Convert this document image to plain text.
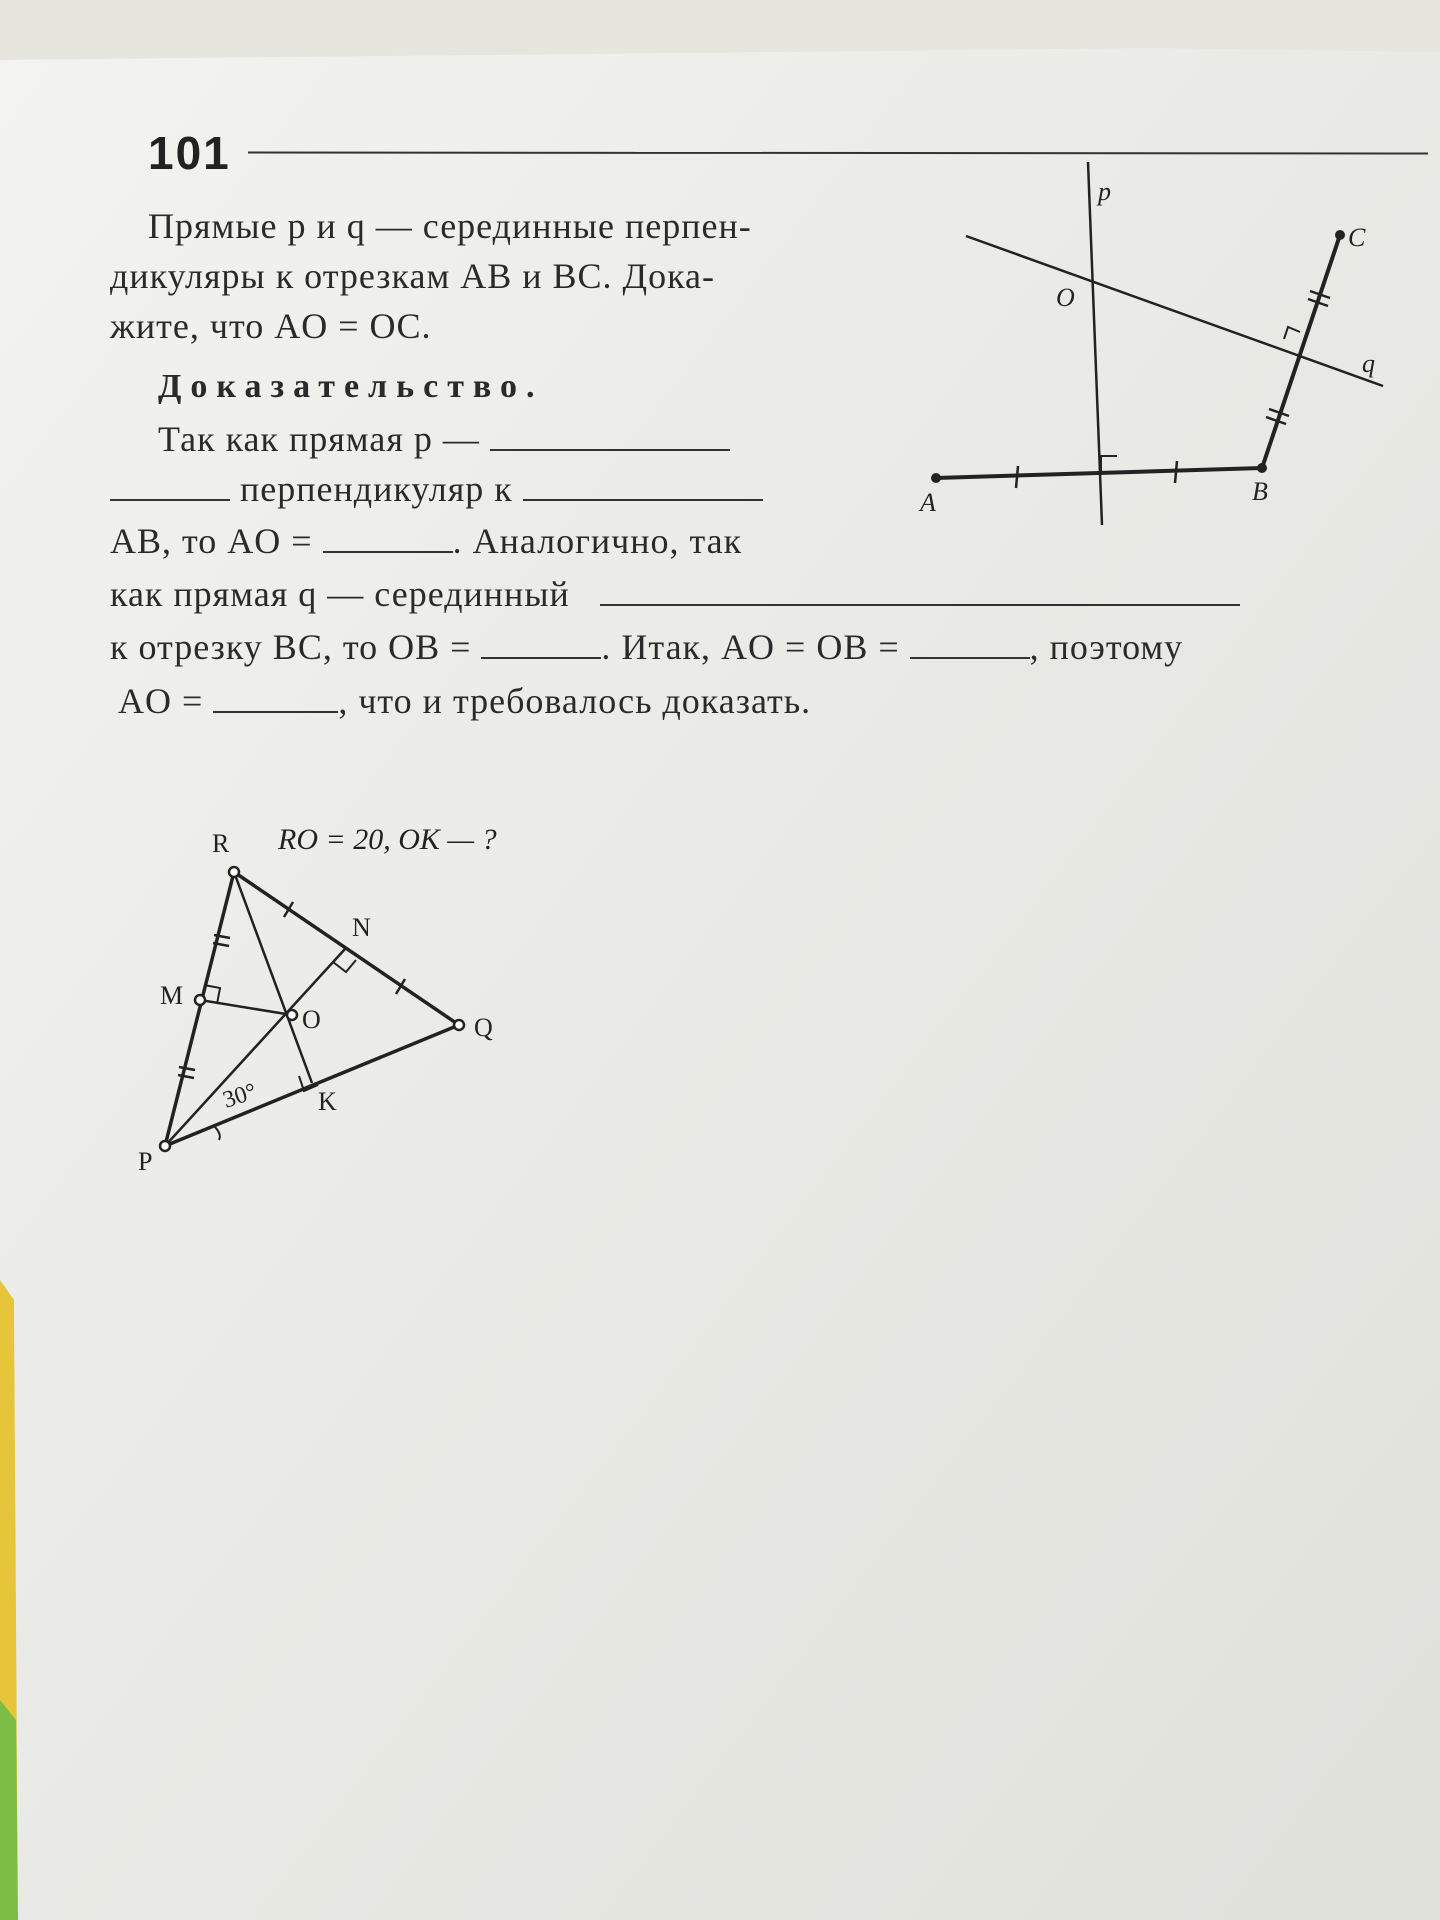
101
Прямые p и q — серединные перпен-
дикуляры к отрезкам AB и BC. Дока-
жите, что AO = OC.
Доказательство.
Так как прямая p —
перпендикуляр к
AB, то AO =	. Аналогично, так
как прямая q — серединный
к отрезку BC, то OB =	. Итак, AO = OB =	, поэтому
AO =	, что и требовалось доказать.
p
q
O
A	B
C
RO = 20, OK — ?
R
N
M
O	Q
K
P
30°
